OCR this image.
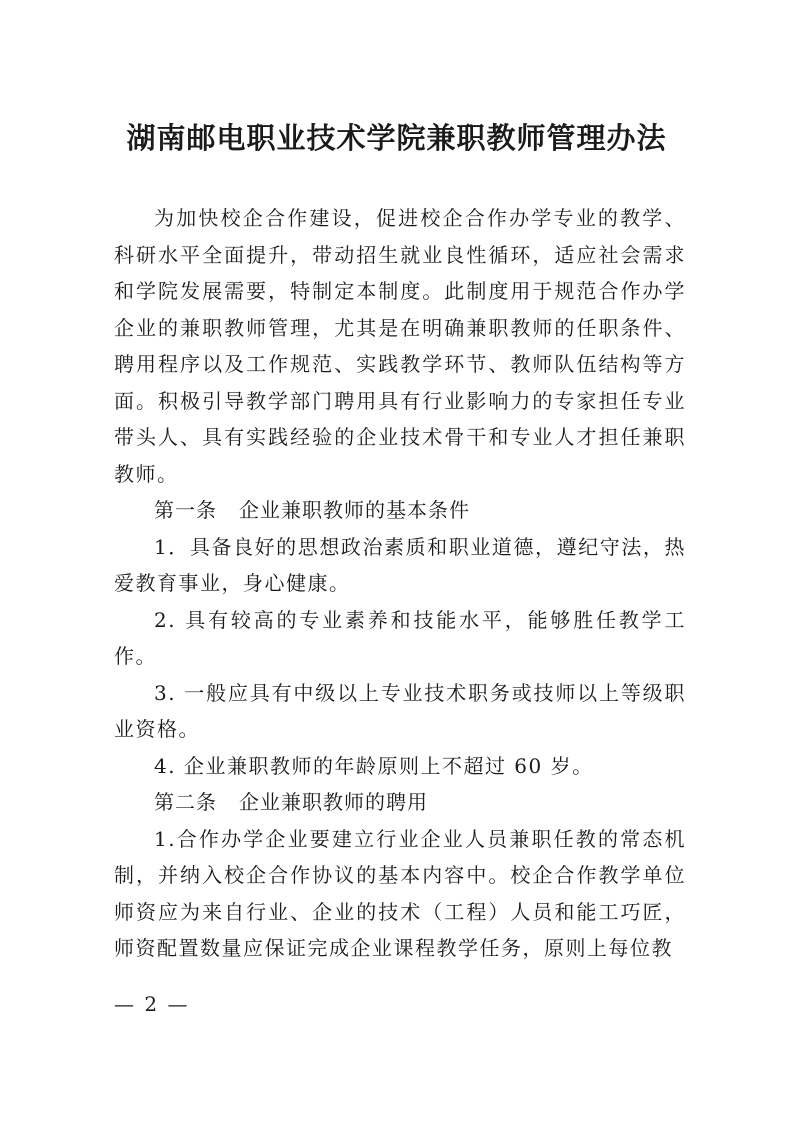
湖南邮电职业技术学院兼职教师管理办法

为加快校企合作建设，促进校企合作办学专业的教学、科研水平全面提升，带动招生就业良性循环，适应社会需求和学院发展需要，特制定本制度。此制度用于规范合作办学企业的兼职教师管理，尤其是在明确兼职教师的任职条件、聘用程序以及工作规范、实践教学环节、教师队伍结构等方面。积极引导教学部门聘用具有行业影响力的专家担任专业带头人、具有实践经验的企业技术骨干和专业人才担任兼职教师。

第一条 企业兼职教师的基本条件

1．具备良好的思想政治素质和职业道德，遵纪守法，热爱教育事业，身心健康。

2. 具有较高的专业素养和技能水平，能够胜任教学工作。

3. 一般应具有中级以上专业技术职务或技师以上等级职业资格。

4. 企业兼职教师的年龄原则上不超过 60 岁。

第二条 企业兼职教师的聘用

1.合作办学企业要建立行业企业人员兼职任教的常态机制，并纳入校企合作协议的基本内容中。校企合作教学单位师资应为来自行业、企业的技术（工程）人员和能工巧匠，师资配置数量应保证完成企业课程教学任务，原则上每位教

— 2 —
